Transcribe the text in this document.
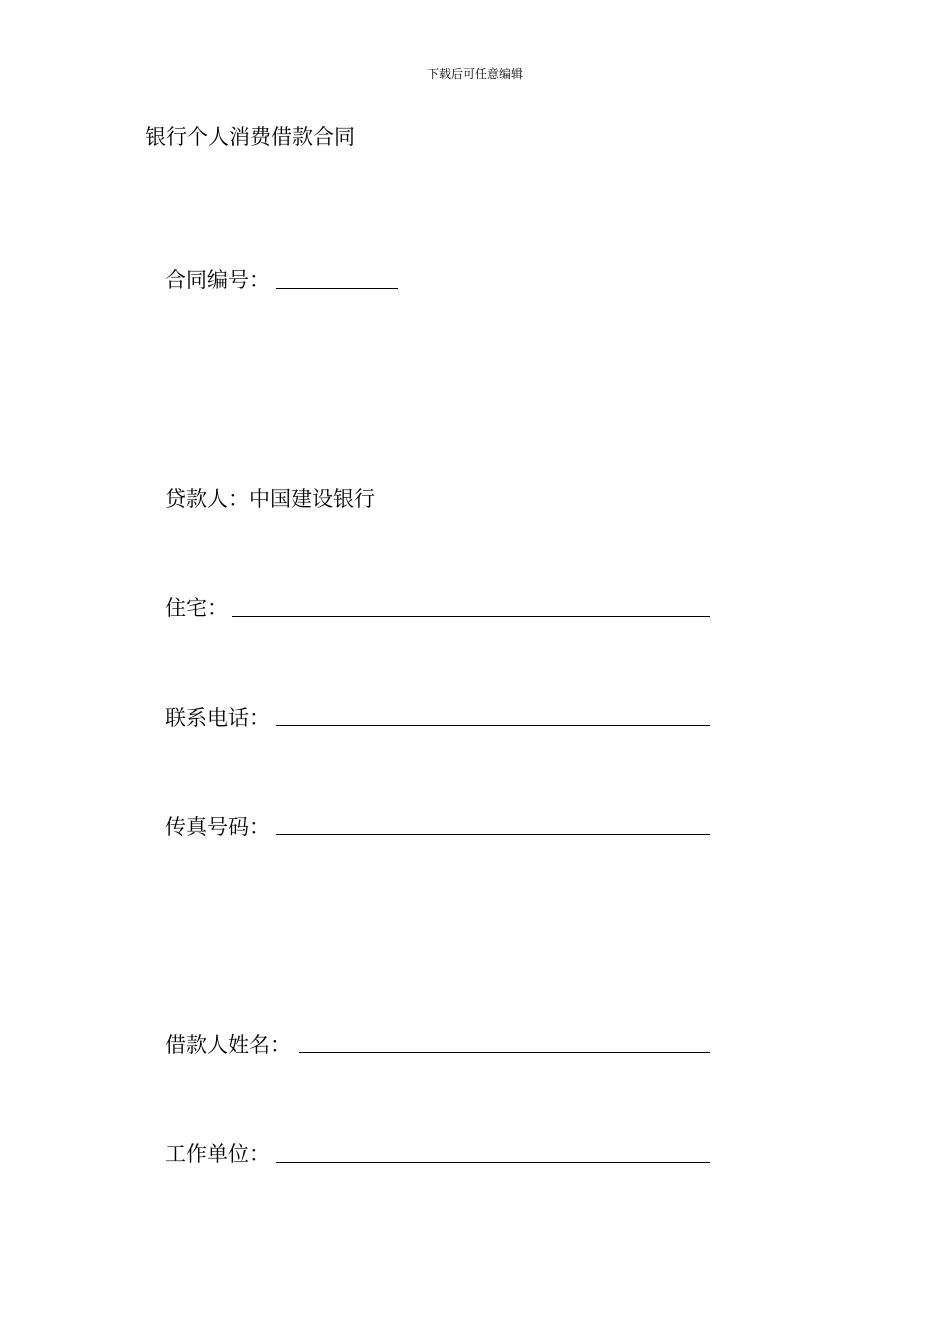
下载后可任意编辑
银行个人消费借款合同
合同编号：
贷款人：中国建设银行
住宅：
联系电话：
传真号码：
借款人姓名：
工作单位：
